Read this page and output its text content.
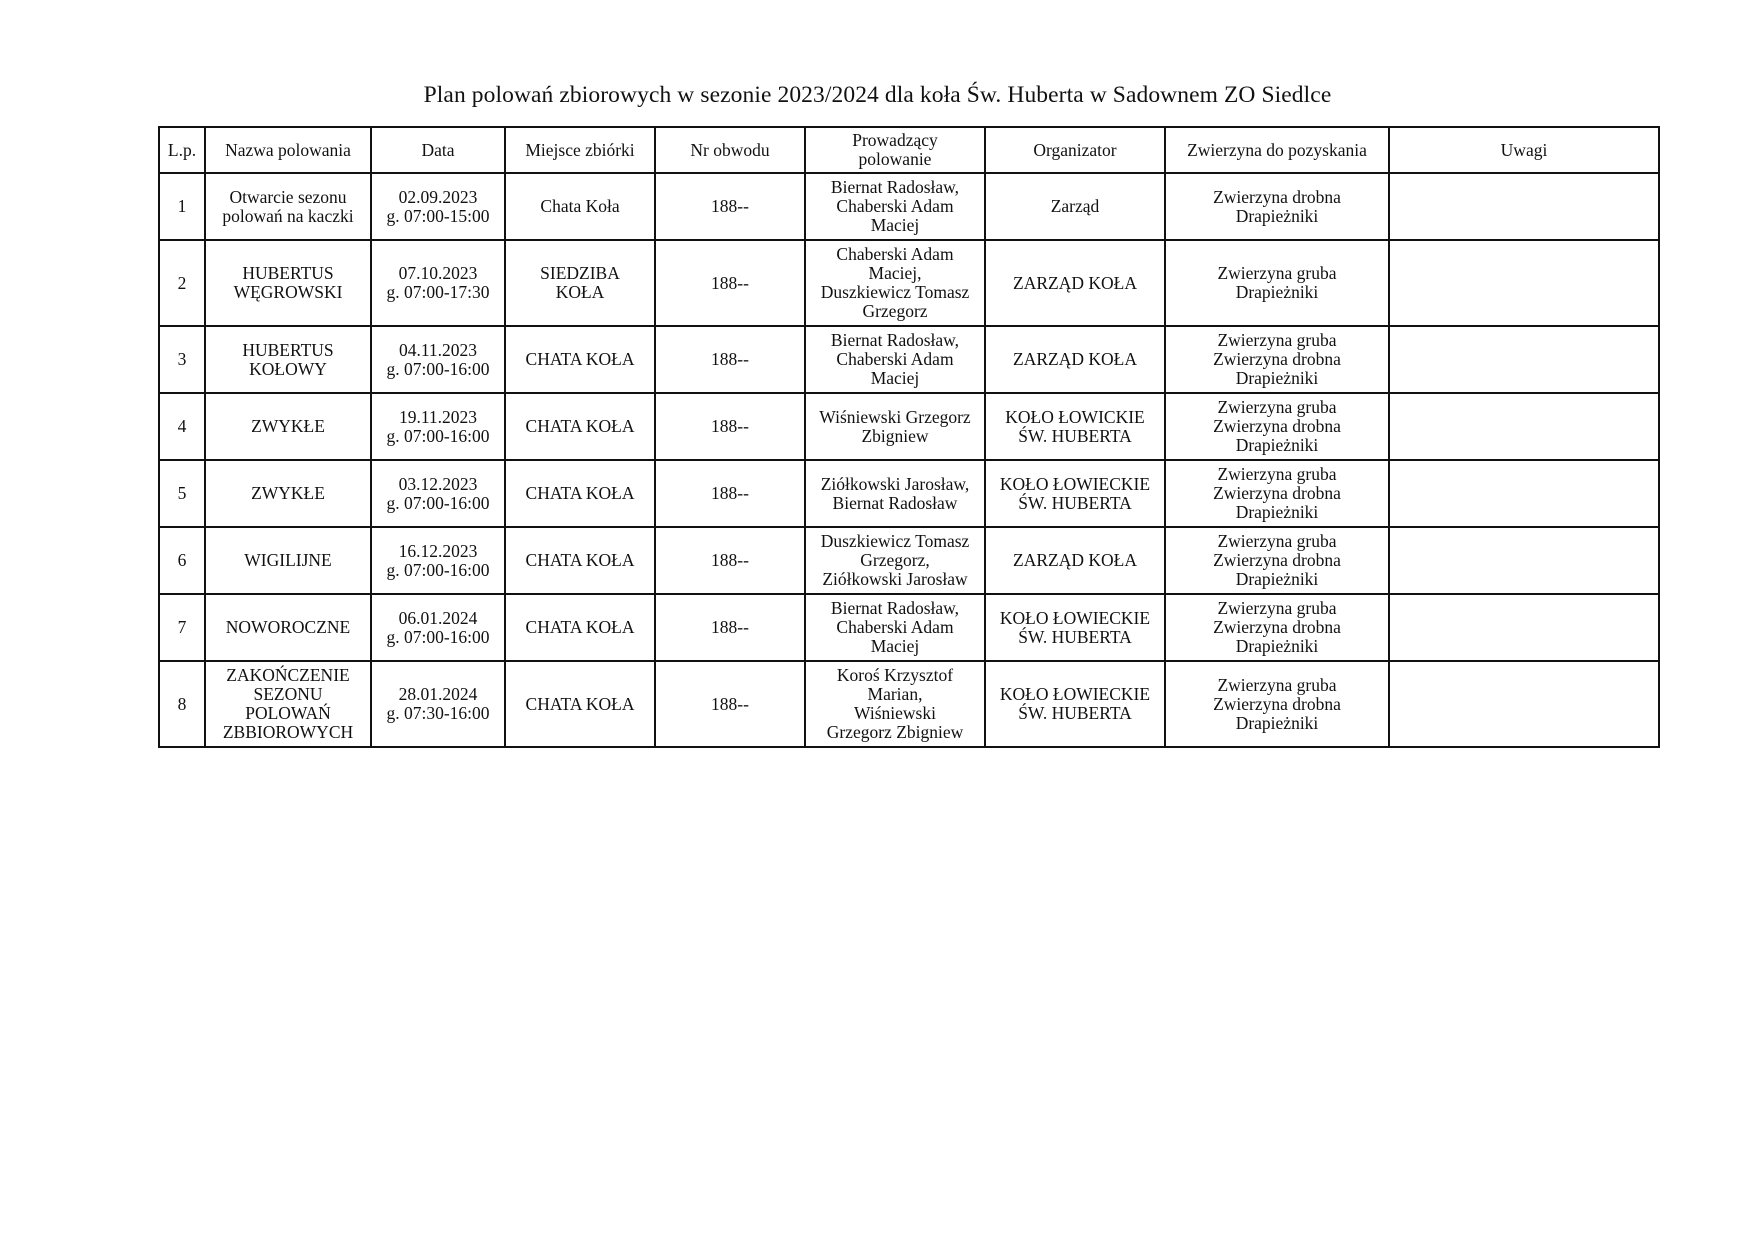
Plan polowań zbiorowych w sezonie 2023/2024 dla koła Św. Huberta w Sadownem ZO Siedlce
L.p.	Nazwa polowania	Data	Miejsce zbiórki	Nr obwodu	Prowadzący
polowanie	Organizator	Zwierzyna do pozyskania	Uwagi
1	Otwarcie sezonu
polowań na kaczki	02.09.2023
g. 07:00-15:00	Chata Koła	188--	Biernat Radosław,
Chaberski Adam
Maciej	Zarząd	Zwierzyna drobna
Drapieżniki	
2	HUBERTUS
WĘGROWSKI	07.10.2023
g. 07:00-17:30	SIEDZIBA
KOŁA	188--	Chaberski Adam
Maciej,
Duszkiewicz Tomasz
Grzegorz	ZARZĄD KOŁA	Zwierzyna gruba
Drapieżniki	
3	HUBERTUS
KOŁOWY	04.11.2023
g. 07:00-16:00	CHATA KOŁA	188--	Biernat Radosław,
Chaberski Adam
Maciej	ZARZĄD KOŁA	Zwierzyna gruba
Zwierzyna drobna
Drapieżniki	
4	ZWYKŁE	19.11.2023
g. 07:00-16:00	CHATA KOŁA	188--	Wiśniewski Grzegorz
Zbigniew	KOŁO ŁOWICKIE
ŚW. HUBERTA	Zwierzyna gruba
Zwierzyna drobna
Drapieżniki	
5	ZWYKŁE	03.12.2023
g. 07:00-16:00	CHATA KOŁA	188--	Ziółkowski Jarosław,
Biernat Radosław	KOŁO ŁOWIECKIE
ŚW. HUBERTA	Zwierzyna gruba
Zwierzyna drobna
Drapieżniki	
6	WIGILIJNE	16.12.2023
g. 07:00-16:00	CHATA KOŁA	188--	Duszkiewicz Tomasz
Grzegorz,
Ziółkowski Jarosław	ZARZĄD KOŁA	Zwierzyna gruba
Zwierzyna drobna
Drapieżniki	
7	NOWOROCZNE	06.01.2024
g. 07:00-16:00	CHATA KOŁA	188--	Biernat Radosław,
Chaberski Adam
Maciej	KOŁO ŁOWIECKIE
ŚW. HUBERTA	Zwierzyna gruba
Zwierzyna drobna
Drapieżniki	
8	ZAKOŃCZENIE
SEZONU
POLOWAŃ
ZBBIOROWYCH	28.01.2024
g. 07:30-16:00	CHATA KOŁA	188--	Koroś Krzysztof
Marian,
Wiśniewski
Grzegorz Zbigniew	KOŁO ŁOWIECKIE
ŚW. HUBERTA	Zwierzyna gruba
Zwierzyna drobna
Drapieżniki	
